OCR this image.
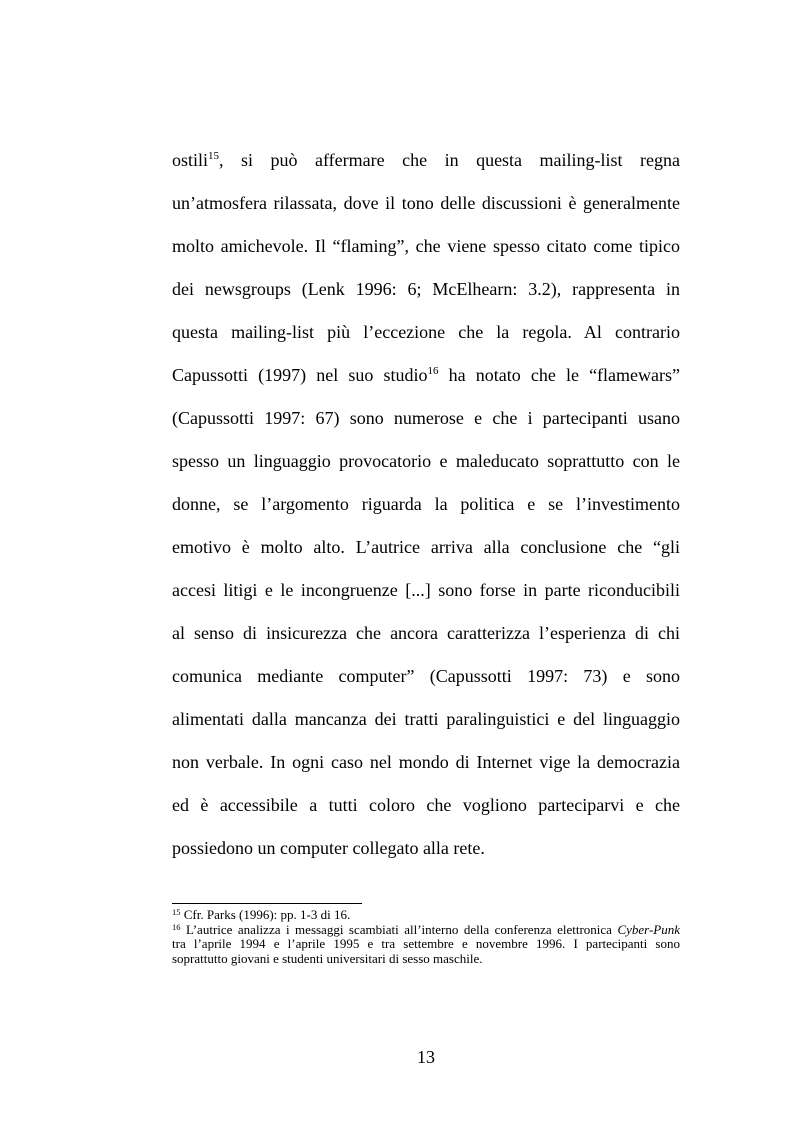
ostili$^{15}$, si può affermare che in questa mailing-list regna
un’atmosfera rilassata, dove il tono delle discussioni è generalmente
molto amichevole. Il “flaming”, che viene spesso citato come tipico
dei newsgroups (Lenk 1996: 6; McElhearn: 3.2), rappresenta in
questa mailing-list più l’eccezione che la regola. Al contrario
Capussotti (1997) nel suo studio$^{16}$ ha notato che le “flamewars”
(Capussotti 1997: 67) sono numerose e che i partecipanti usano
spesso un linguaggio provocatorio e maleducato soprattutto con le
donne, se l’argomento riguarda la politica e se l’investimento
emotivo è molto alto. L’autrice arriva alla conclusione che “gli
accesi litigi e le incongruenze [...] sono forse in parte riconducibili
al senso di insicurezza che ancora caratterizza l’esperienza di chi
comunica mediante computer” (Capussotti 1997: 73) e sono
alimentati dalla mancanza dei tratti paralinguistici e del linguaggio
non verbale. In ogni caso nel mondo di Internet vige la democrazia
ed è accessibile a tutti coloro che vogliono parteciparvi e che
possiedono un computer collegato alla rete.
$^{15}$ Cfr. Parks (1996): pp. 1-3 di 16.
$^{16}$ L’autrice analizza i messaggi scambiati all’interno della conferenza elettronica Cyber-Punk
tra l’aprile 1994 e l’aprile 1995 e tra settembre e novembre 1996. I partecipanti sono
soprattutto giovani e studenti universitari di sesso maschile.
13
